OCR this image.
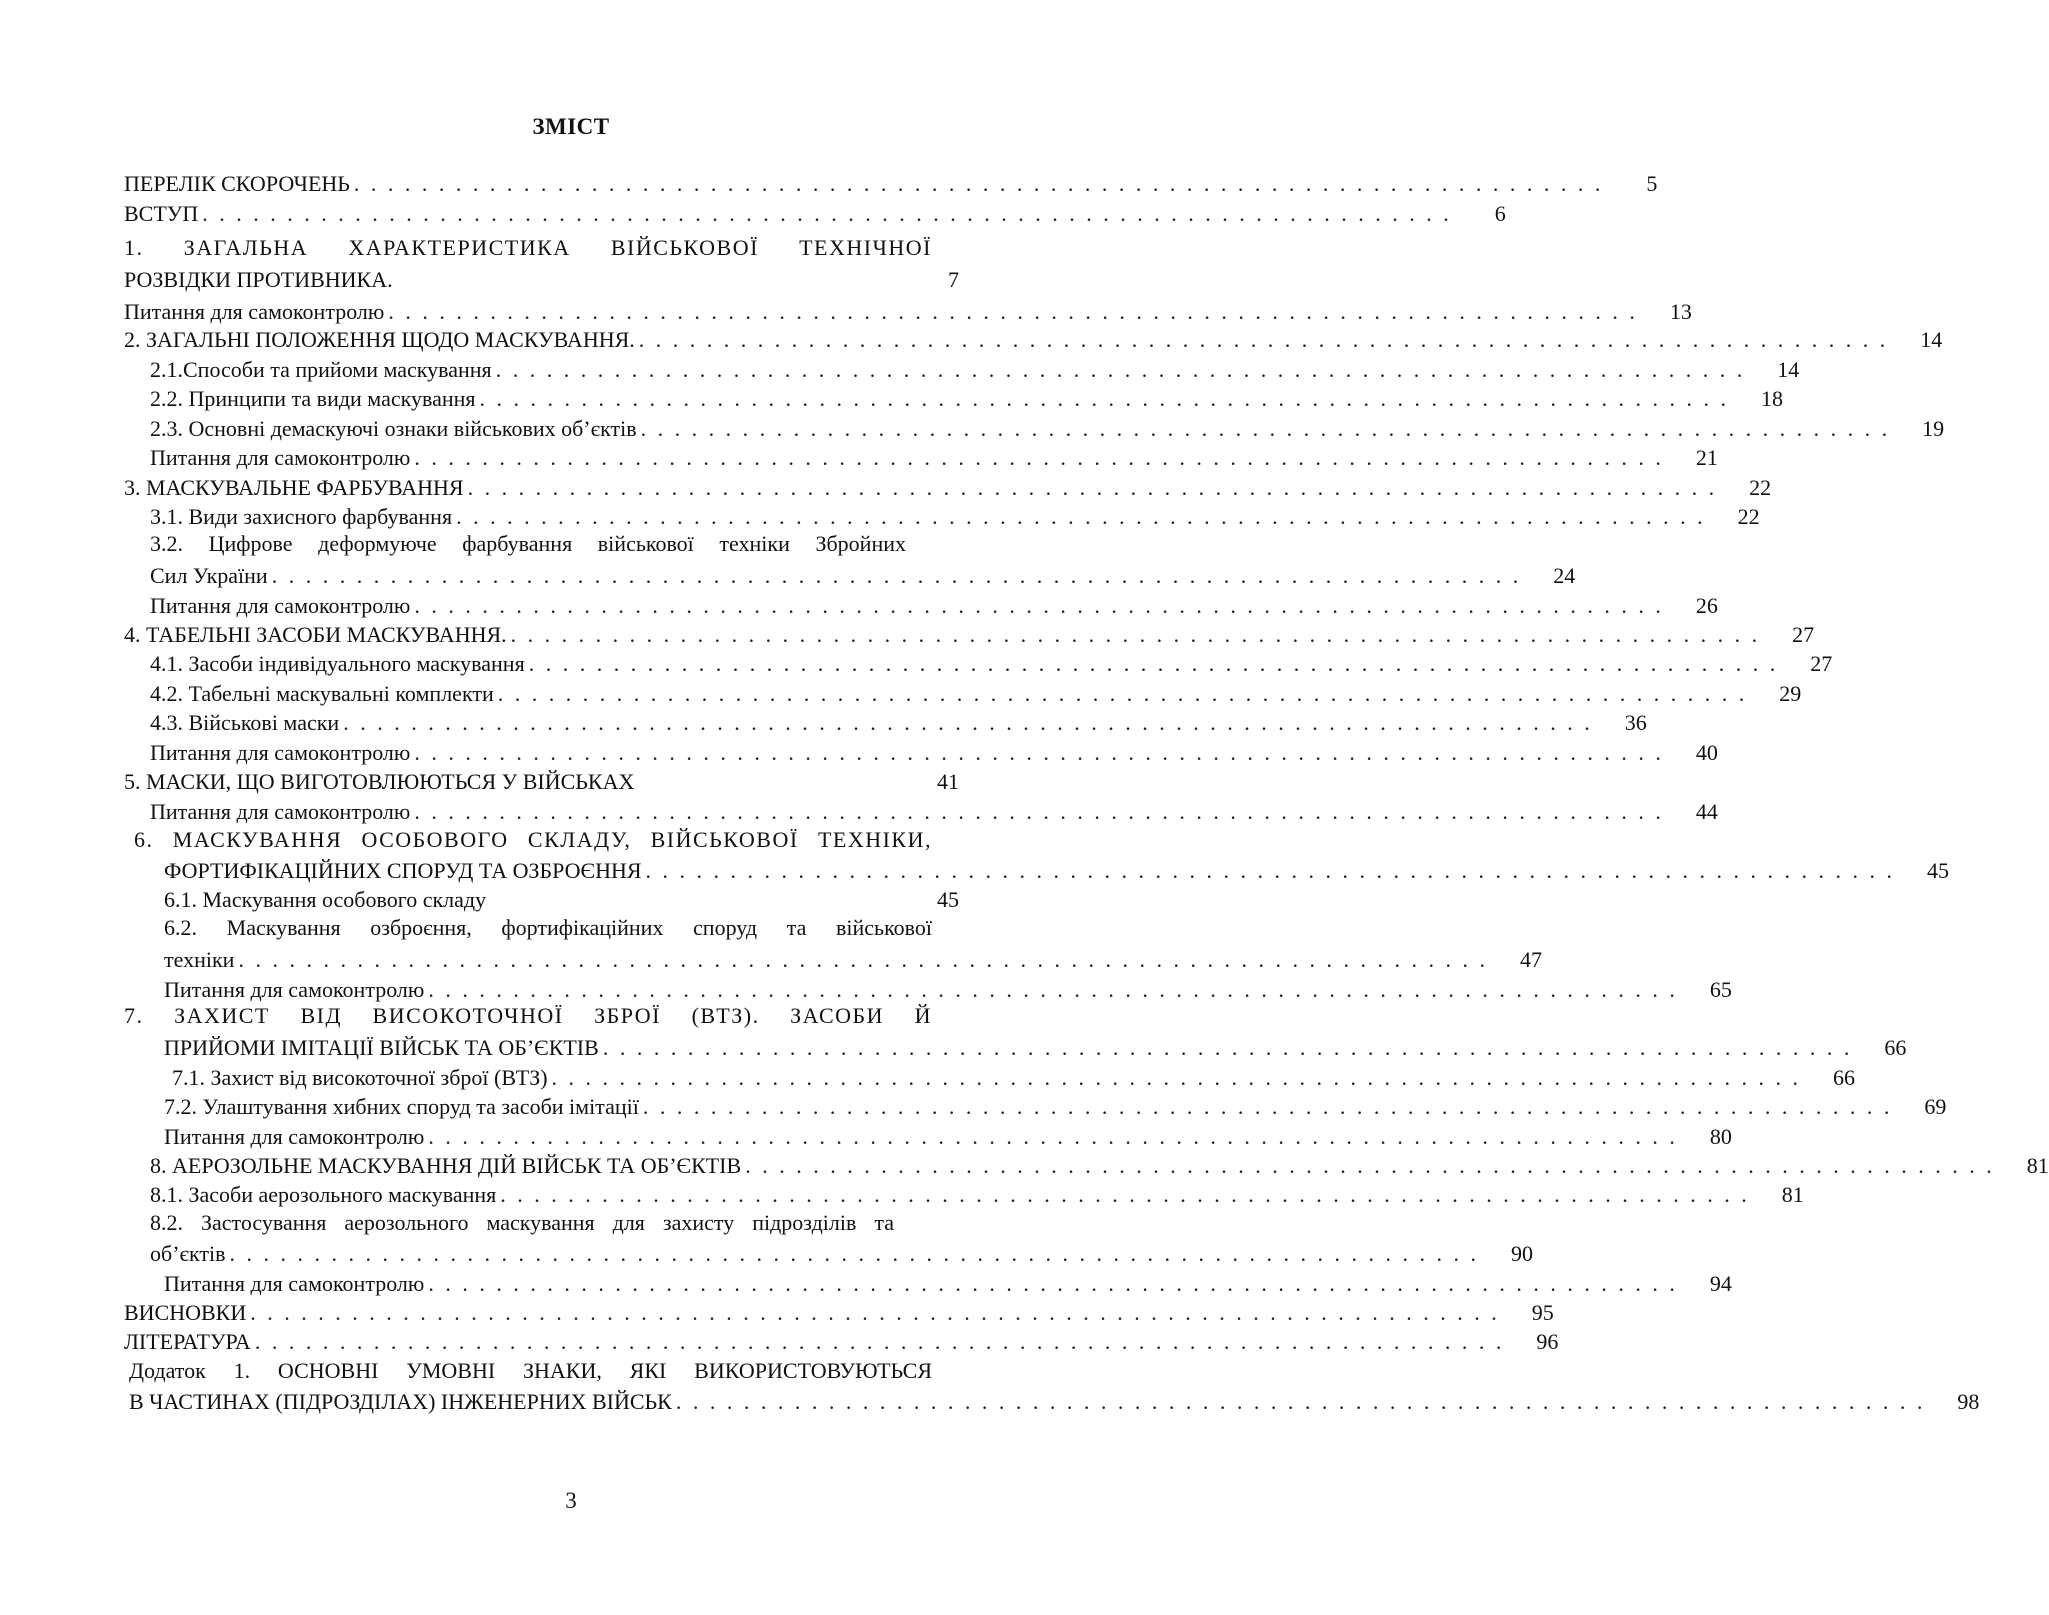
ЗМІСТ
ПЕРЕЛІК СКОРОЧЕНЬ . . . . . . . . . . . . . . . . . . . . . . . . . . . . . . . . . . . . . . . . . . . . . . . . . . . . . . . . . . . . . . . . . . . . . . . . . .	5
ВСТУП . . . . . . . . . . . . . . . . . . . . . . . . . . . . . . . . . . . . . . . . . . . . . . . . . . . . . . . . . . . . . . . . . . . . . . . . . .	6
1. ЗАГАЛЬНА ХАРАКТЕРИСТИКА ВІЙСЬКОВОЇ ТЕХНІЧНОЇ
РОЗВІДКИ ПРОТИВНИКА.	7
Питання для самоконтролю . . . . . . . . . . . . . . . . . . . . . . . . . . . . . . . . . . . . . . . . . . . . . . . . . . . . . . . . . . . . . . . . . . . . . . . . . .	13
2. ЗАГАЛЬНІ ПОЛОЖЕННЯ ЩОДО МАСКУВАННЯ. . . . . . . . . . . . . . . . . . . . . . . . . . . . . . . . . . . . . . . . . . . . . . . . . . . . . . . . . . . . . . . . . . . . . . . . . . .	14
2.1.Способи та прийоми маскування . . . . . . . . . . . . . . . . . . . . . . . . . . . . . . . . . . . . . . . . . . . . . . . . . . . . . . . . . . . . . . . . . . . . . . . . . .	14
2.2. Принципи та види маскування . . . . . . . . . . . . . . . . . . . . . . . . . . . . . . . . . . . . . . . . . . . . . . . . . . . . . . . . . . . . . . . . . . . . . . . . . .	18
2.3. Основні демаскуючі ознаки військових об’єктів . . . . . . . . . . . . . . . . . . . . . . . . . . . . . . . . . . . . . . . . . . . . . . . . . . . . . . . . . . . . . . . . . . . . . . . . . .	19
Питання для самоконтролю . . . . . . . . . . . . . . . . . . . . . . . . . . . . . . . . . . . . . . . . . . . . . . . . . . . . . . . . . . . . . . . . . . . . . . . . . .	21
3. МАСКУВАЛЬНЕ ФАРБУВАННЯ . . . . . . . . . . . . . . . . . . . . . . . . . . . . . . . . . . . . . . . . . . . . . . . . . . . . . . . . . . . . . . . . . . . . . . . . . .	22
3.1. Види захисного фарбування . . . . . . . . . . . . . . . . . . . . . . . . . . . . . . . . . . . . . . . . . . . . . . . . . . . . . . . . . . . . . . . . . . . . . . . . . .	22
3.2. Цифрове деформуюче фарбування військової техніки Збройних
Сил України . . . . . . . . . . . . . . . . . . . . . . . . . . . . . . . . . . . . . . . . . . . . . . . . . . . . . . . . . . . . . . . . . . . . . . . . . .	24
Питання для самоконтролю . . . . . . . . . . . . . . . . . . . . . . . . . . . . . . . . . . . . . . . . . . . . . . . . . . . . . . . . . . . . . . . . . . . . . . . . . .	26
4. ТАБЕЛЬНІ ЗАСОБИ МАСКУВАННЯ. . . . . . . . . . . . . . . . . . . . . . . . . . . . . . . . . . . . . . . . . . . . . . . . . . . . . . . . . . . . . . . . . . . . . . . . . . .	27
4.1. Засоби індивідуального маскування . . . . . . . . . . . . . . . . . . . . . . . . . . . . . . . . . . . . . . . . . . . . . . . . . . . . . . . . . . . . . . . . . . . . . . . . . .	27
4.2. Табельні маскувальні комплекти . . . . . . . . . . . . . . . . . . . . . . . . . . . . . . . . . . . . . . . . . . . . . . . . . . . . . . . . . . . . . . . . . . . . . . . . . .	29
4.3. Військові маски . . . . . . . . . . . . . . . . . . . . . . . . . . . . . . . . . . . . . . . . . . . . . . . . . . . . . . . . . . . . . . . . . . . . . . . . . .	36
Питання для самоконтролю . . . . . . . . . . . . . . . . . . . . . . . . . . . . . . . . . . . . . . . . . . . . . . . . . . . . . . . . . . . . . . . . . . . . . . . . . .	40
5. МАСКИ, ЩО ВИГОТОВЛЮЮТЬСЯ У ВІЙСЬКАХ	41
Питання для самоконтролю . . . . . . . . . . . . . . . . . . . . . . . . . . . . . . . . . . . . . . . . . . . . . . . . . . . . . . . . . . . . . . . . . . . . . . . . . .	44
6. МАСКУВАННЯ ОСОБОВОГО СКЛАДУ, ВІЙСЬКОВОЇ ТЕХНІКИ,
ФОРТИФІКАЦІЙНИХ СПОРУД ТА ОЗБРОЄННЯ . . . . . . . . . . . . . . . . . . . . . . . . . . . . . . . . . . . . . . . . . . . . . . . . . . . . . . . . . . . . . . . . . . . . . . . . . .	45
6.1. Маскування особового складу	45
6.2. Маскування озброєння, фортифікаційних споруд та військової
техніки . . . . . . . . . . . . . . . . . . . . . . . . . . . . . . . . . . . . . . . . . . . . . . . . . . . . . . . . . . . . . . . . . . . . . . . . . .	47
Питання для самоконтролю . . . . . . . . . . . . . . . . . . . . . . . . . . . . . . . . . . . . . . . . . . . . . . . . . . . . . . . . . . . . . . . . . . . . . . . . . .	65
7. ЗАХИСТ ВІД ВИСОКОТОЧНОЇ ЗБРОЇ (ВТЗ). ЗАСОБИ Й
ПРИЙОМИ ІМІТАЦІЇ ВІЙСЬК ТА ОБ’ЄКТІВ . . . . . . . . . . . . . . . . . . . . . . . . . . . . . . . . . . . . . . . . . . . . . . . . . . . . . . . . . . . . . . . . . . . . . . . . . .	66
7.1. Захист від високоточної зброї (ВТЗ) . . . . . . . . . . . . . . . . . . . . . . . . . . . . . . . . . . . . . . . . . . . . . . . . . . . . . . . . . . . . . . . . . . . . . . . . . .	66
7.2. Улаштування хибних споруд та засоби імітації . . . . . . . . . . . . . . . . . . . . . . . . . . . . . . . . . . . . . . . . . . . . . . . . . . . . . . . . . . . . . . . . . . . . . . . . . .	69
Питання для самоконтролю . . . . . . . . . . . . . . . . . . . . . . . . . . . . . . . . . . . . . . . . . . . . . . . . . . . . . . . . . . . . . . . . . . . . . . . . . .	80
8. АЕРОЗОЛЬНЕ МАСКУВАННЯ ДІЙ ВІЙСЬК ТА ОБ’ЄКТІВ . . . . . . . . . . . . . . . . . . . . . . . . . . . . . . . . . . . . . . . . . . . . . . . . . . . . . . . . . . . . . . . . . . . . . . . . . .	81
8.1. Засоби аерозольного маскування . . . . . . . . . . . . . . . . . . . . . . . . . . . . . . . . . . . . . . . . . . . . . . . . . . . . . . . . . . . . . . . . . . . . . . . . . .	81
8.2. Застосування аерозольного маскування для захисту підрозділів та
об’єктів . . . . . . . . . . . . . . . . . . . . . . . . . . . . . . . . . . . . . . . . . . . . . . . . . . . . . . . . . . . . . . . . . . . . . . . . . .	90
Питання для самоконтролю . . . . . . . . . . . . . . . . . . . . . . . . . . . . . . . . . . . . . . . . . . . . . . . . . . . . . . . . . . . . . . . . . . . . . . . . . .	94
ВИСНОВКИ . . . . . . . . . . . . . . . . . . . . . . . . . . . . . . . . . . . . . . . . . . . . . . . . . . . . . . . . . . . . . . . . . . . . . . . . . .	95
ЛІТЕРАТУРА . . . . . . . . . . . . . . . . . . . . . . . . . . . . . . . . . . . . . . . . . . . . . . . . . . . . . . . . . . . . . . . . . . . . . . . . . .	96
Додаток 1. ОСНОВНІ УМОВНІ ЗНАКИ, ЯКІ ВИКОРИСТОВУЮТЬСЯ
В ЧАСТИНАХ (ПІДРОЗДІЛАХ) ІНЖЕНЕРНИХ ВІЙСЬК . . . . . . . . . . . . . . . . . . . . . . . . . . . . . . . . . . . . . . . . . . . . . . . . . . . . . . . . . . . . . . . . . . . . . . . . . .	98
3
